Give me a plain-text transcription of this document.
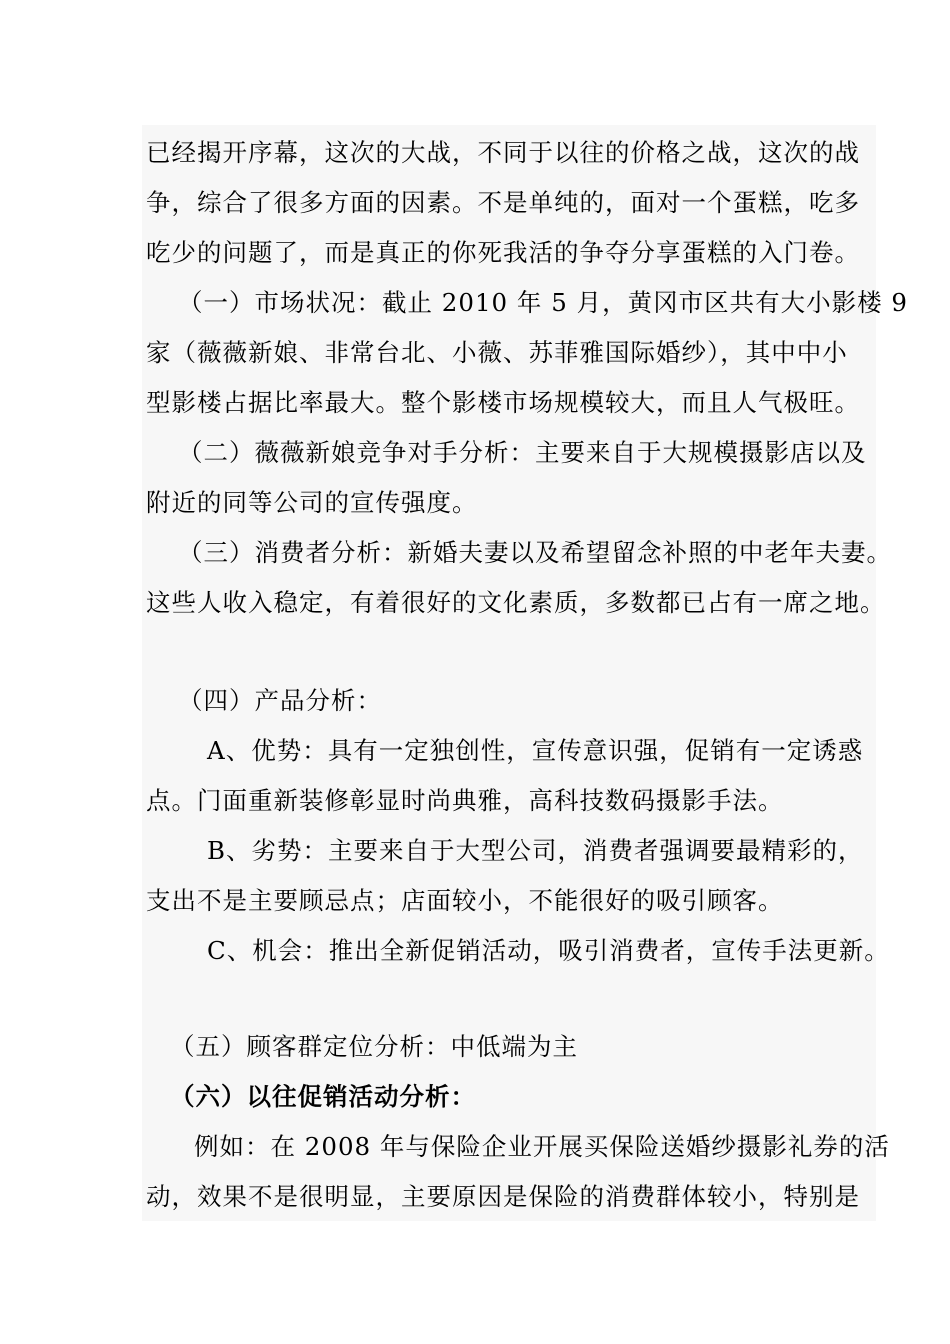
已经揭开序幕，这次的大战，不同于以往的价格之战，这次的战
争，综合了很多方面的因素。不是单纯的，面对一个蛋糕，吃多
吃少的问题了，而是真正的你死我活的争夺分享蛋糕的入门卷。
（一）市场状况：截止 2010 年 5 月，黄冈市区共有大小影楼 9
家（薇薇新娘、非常台北、小薇、苏菲雅国际婚纱），其中中小
型影楼占据比率最大。整个影楼市场规模较大，而且人气极旺。
（二）薇薇新娘竞争对手分析：主要来自于大规模摄影店以及
附近的同等公司的宣传强度。
（三）消费者分析：新婚夫妻以及希望留念补照的中老年夫妻。
这些人收入稳定，有着很好的文化素质，多数都已占有一席之地。
（四）产品分析：
A、优势：具有一定独创性，宣传意识强，促销有一定诱惑
点。门面重新装修彰显时尚典雅，高科技数码摄影手法。
B、劣势：主要来自于大型公司，消费者强调要最精彩的，
支出不是主要顾忌点；店面较小，不能很好的吸引顾客。
C、机会：推出全新促销活动，吸引消费者，宣传手法更新。
（五）顾客群定位分析：中低端为主
（六）以往促销活动分析：
例如：在 2008 年与保险企业开展买保险送婚纱摄影礼券的活
动，效果不是很明显，主要原因是保险的消费群体较小，特别是
